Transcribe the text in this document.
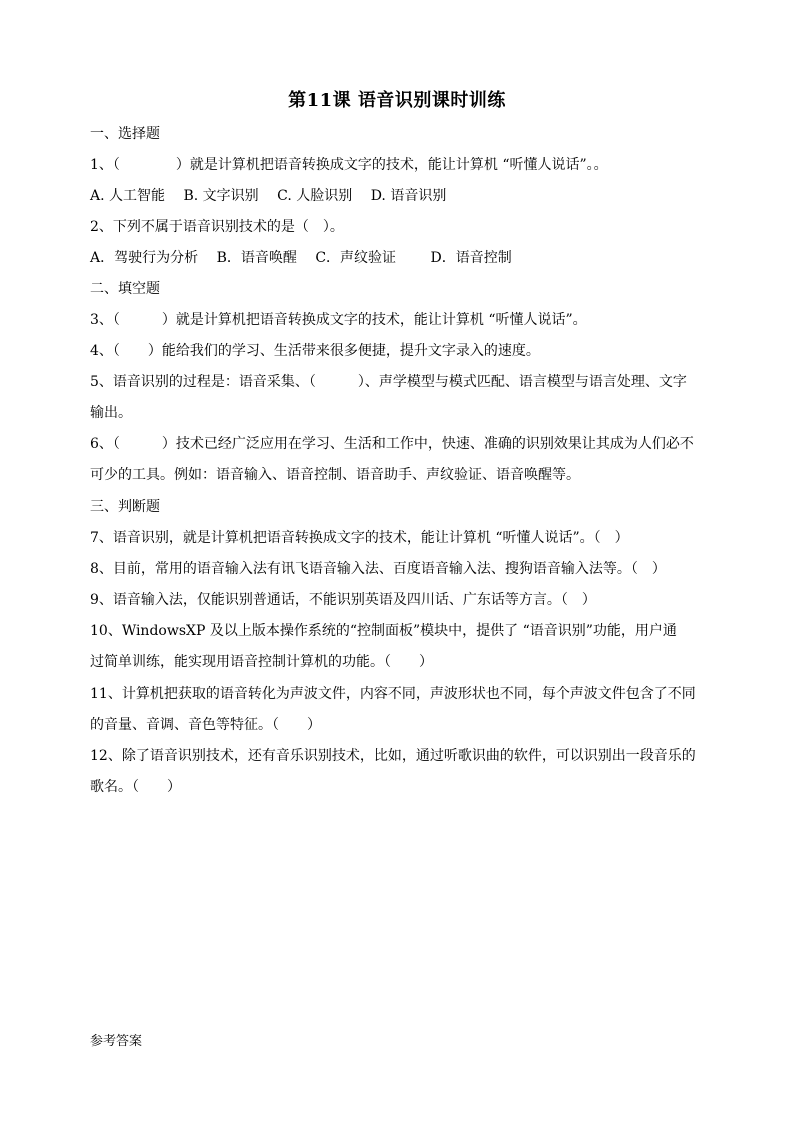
第11课 语音识别课时训练
一、选择题
1、（　　　　）就是计算机把语音转换成文字的技术，能让计算机 “听懂人说话”。。
A. 人工智能 B. 文字识别 C. 人脸识别 D. 语音识别
2、下列不属于语音识别技术的是（　）。
A．驾驶行为分析 B．语音唤醒 C．声纹验证 D．语音控制
二、填空题
3、（　　　）就是计算机把语音转换成文字的技术，能让计算机 “听懂人说话”。
4、（　　）能给我们的学习、生活带来很多便捷，提升文字录入的速度。
5、语音识别的过程是：语音采集、（　　　）、声学模型与模式匹配、语言模型与语言处理、文字
输出。
6、（　　　）技术已经广泛应用在学习、生活和工作中，快速、准确的识别效果让其成为人们必不
可少的工具。例如：语音输入、语音控制、语音助手、声纹验证、语音唤醒等。
三、判断题
7、语音识别，就是计算机把语音转换成文字的技术，能让计算机 “听懂人说话”。（　）
8、目前，常用的语音输入法有讯飞语音输入法、百度语音输入法、搜狗语音输入法等。（　）
9、语音输入法，仅能识别普通话，不能识别英语及四川话、广东话等方言。（　）
10、WindowsXP 及以上版本操作系统的“控制面板”模块中，提供了 “语音识别”功能，用户通
过简单训练，能实现用语音控制计算机的功能。（　　）
11、计算机把获取的语音转化为声波文件，内容不同，声波形状也不同，每个声波文件包含了不同
的音量、音调、音色等特征。（　　）
12、除了语音识别技术，还有音乐识别技术，比如，通过听歌识曲的软件，可以识别出一段音乐的
歌名。（　　）
参考答案
